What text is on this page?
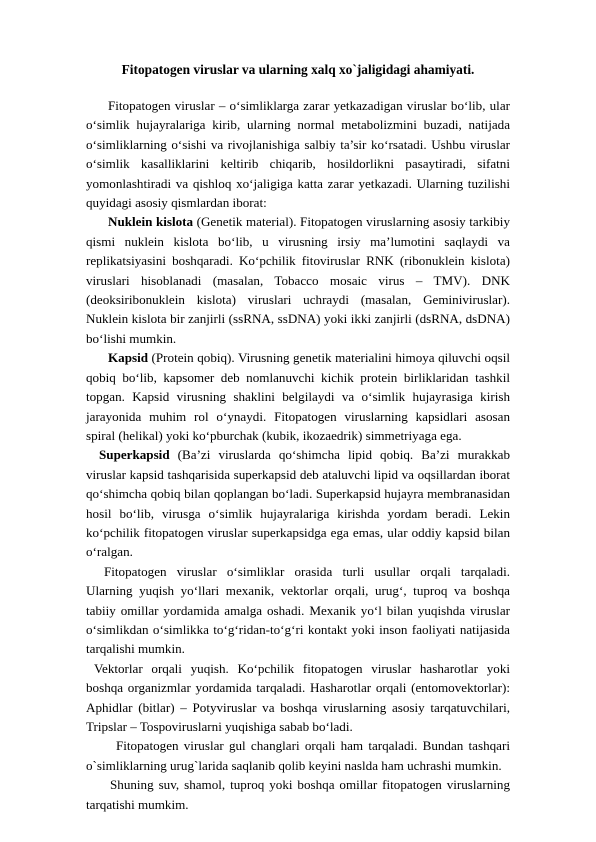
Fitopatogen viruslar va ularning xalq xo`jaligidagi ahamiyati.

Fitopatogen viruslar – o‘simliklarga zarar yetkazadigan viruslar bo‘lib, ular o‘simlik hujayralariga kirib, ularning normal metabolizmini buzadi, natijada o‘simliklarning o‘sishi va rivojlanishiga salbiy ta’sir ko‘rsatadi. Ushbu viruslar o‘simlik kasalliklarini keltirib chiqarib, hosildorlikni pasaytiradi, sifatni yomonlashtiradi va qishloq xo‘jaligiga katta zarar yetkazadi. Ularning tuzilishi quyidagi asosiy qismlardan iborat:

Nuklein kislota (Genetik material). Fitopatogen viruslarning asosiy tarkibiy qismi nuklein kislota bo‘lib, u virusning irsiy ma’lumotini saqlaydi va replikatsiyasini boshqaradi. Ko‘pchilik fitoviruslar RNK (ribonuklein kislota) viruslari hisoblanadi (masalan, Tobacco mosaic virus – TMV). DNK (deoksiribonuklein kislota) viruslari uchraydi (masalan, Geminiviruslar). Nuklein kislota bir zanjirli (ssRNA, ssDNA) yoki ikki zanjirli (dsRNA, dsDNA) bo‘lishi mumkin.

Kapsid (Protein qobiq). Virusning genetik materialini himoya qiluvchi oqsil qobiq bo‘lib, kapsomer deb nomlanuvchi kichik protein birliklaridan tashkil topgan. Kapsid virusning shaklini belgilaydi va o‘simlik hujayrasiga kirish jarayonida muhim rol o‘ynaydi. Fitopatogen viruslarning kapsidlari asosan spiral (helikal) yoki ko‘pburchak (kubik, ikozaedrik) simmetriyaga ega.

Superkapsid (Ba’zi viruslarda qo‘shimcha lipid qobiq. Ba’zi murakkab viruslar kapsid tashqarisida superkapsid deb ataluvchi lipid va oqsillardan iborat qo‘shimcha qobiq bilan qoplangan bo‘ladi. Superkapsid hujayra membranasidan hosil bo‘lib, virusga o‘simlik hujayralariga kirishda yordam beradi. Lekin ko‘pchilik fitopatogen viruslar superkapsidga ega emas, ular oddiy kapsid bilan o‘ralgan.

Fitopatogen viruslar o‘simliklar orasida turli usullar orqali tarqaladi. Ularning yuqish yo‘llari mexanik, vektorlar orqali, urug‘, tuproq va boshqa tabiiy omillar yordamida amalga oshadi. Mexanik yo‘l bilan yuqishda viruslar o‘simlikdan o‘simlikka to‘g‘ridan-to‘g‘ri kontakt yoki inson faoliyati natijasida tarqalishi mumkin.

Vektorlar orqali yuqish. Ko‘pchilik fitopatogen viruslar hasharotlar yoki boshqa organizmlar yordamida tarqaladi. Hasharotlar orqali (entomovektorlar): Aphidlar (bitlar) – Potyviruslar va boshqa viruslarning asosiy tarqatuvchilari, Tripslar – Tospoviruslarni yuqishiga sabab bo‘ladi.

Fitopatogen viruslar gul changlari orqali ham tarqaladi. Bundan tashqari o`simliklarning urug`larida saqlanib qolib keyini naslda ham uchrashi mumkin.

Shuning suv, shamol, tuproq yoki boshqa omillar fitopatogen viruslarning tarqatishi mumkim.
